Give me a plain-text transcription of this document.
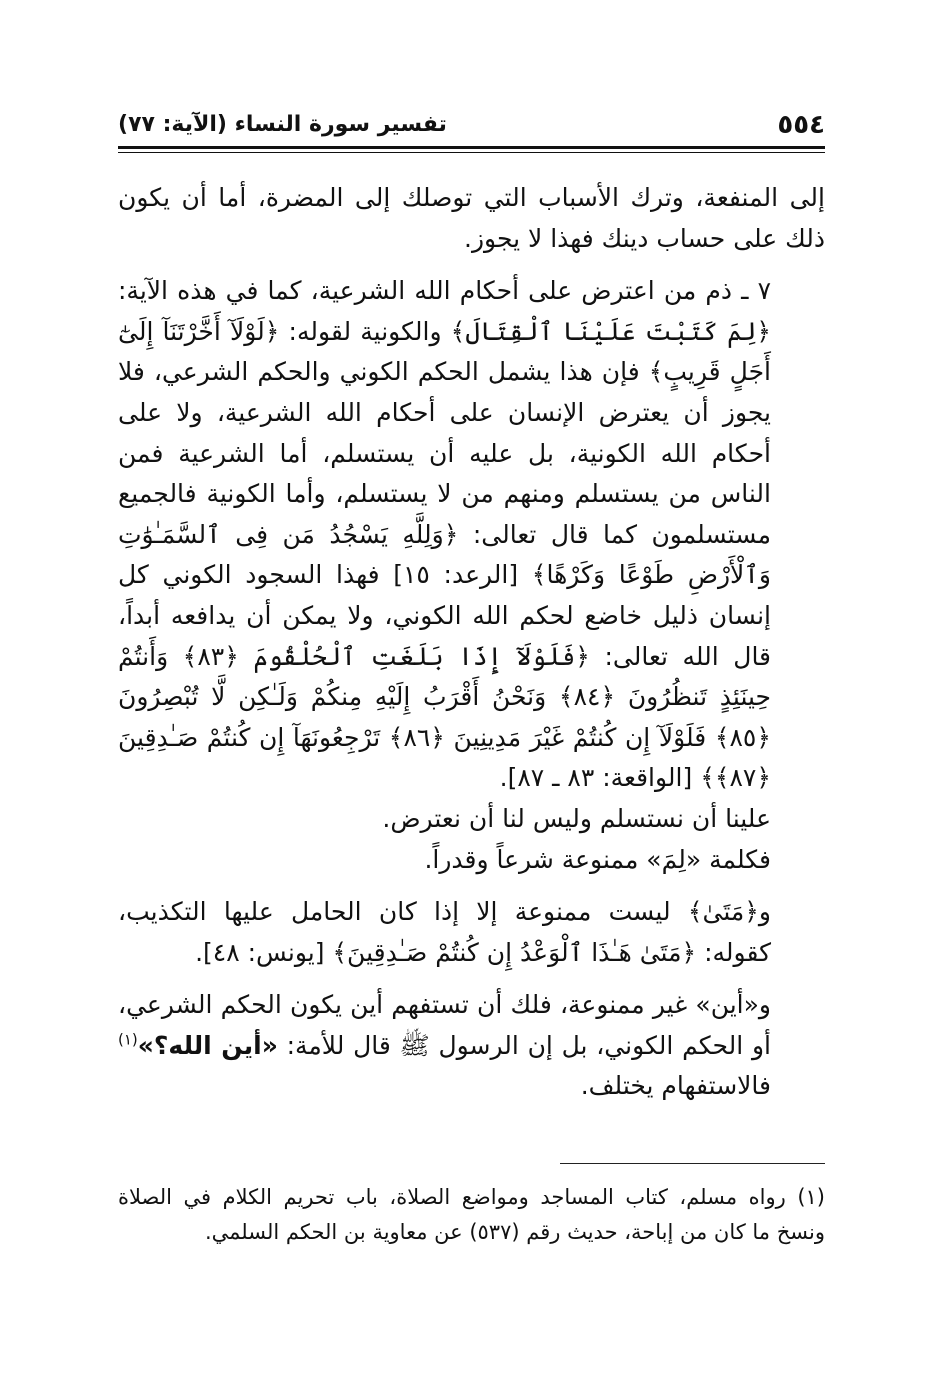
٥٥٤
تفسير سورة النساء (الآية: ٧٧)

إلى المنفعة، وترك الأسباب التي توصلك إلى المضرة، أما أن يكون ذلك على حساب دينك فهذا لا يجوز.

٧ ـ ذم من اعترض على أحكام الله الشرعية، كما في هذه الآية: ﴿لِمَ كَتَبْتَ عَلَيْنَا ٱلْقِتَالَ﴾ والكونية لقوله: ﴿لَوْلَآ أَخَّرْتَنَآ إِلَىٰٓ أَجَلٍ قَرِيبٍ﴾ فإن هذا يشمل الحكم الكوني والحكم الشرعي، فلا يجوز أن يعترض الإنسان على أحكام الله الشرعية، ولا على أحكام الله الكونية، بل عليه أن يستسلم، أما الشرعية فمن الناس من يستسلم ومنهم من لا يستسلم، وأما الكونية فالجميع مستسلمون كما قال تعالى: ﴿وَلِلَّهِ يَسْجُدُ مَن فِى ٱلسَّمَـٰوَٰتِ وَٱلْأَرْضِ طَوْعًا وَكَرْهًا﴾ [الرعد: ١٥] فهذا السجود الكوني كل إنسان ذليل خاضع لحكم الله الكوني، ولا يمكن أن يدافعه أبداً، قال الله تعالى: ﴿فَلَوْلَآ إِذَا بَلَغَتِ ٱلْحُلْقُومَ ﴿٨٣﴾ وَأَنتُمْ حِينَئِذٍ تَنظُرُونَ ﴿٨٤﴾ وَنَحْنُ أَقْرَبُ إِلَيْهِ مِنكُمْ وَلَـٰكِن لَّا تُبْصِرُونَ ﴿٨٥﴾ فَلَوْلَآ إِن كُنتُمْ غَيْرَ مَدِينِينَ ﴿٨٦﴾ تَرْجِعُونَهَآ إِن كُنتُمْ صَـٰدِقِينَ ﴿٨٧﴾﴾ [الواقعة: ٨٣ ـ ٨٧].

علينا أن نستسلم وليس لنا أن نعترض.

فكلمة «لِمَ» ممنوعة شرعاً وقدراً.

و﴿مَتَىٰ﴾ ليست ممنوعة إلا إذا كان الحامل عليها التكذيب، كقوله: ﴿مَتَىٰ هَـٰذَا ٱلْوَعْدُ إِن كُنتُمْ صَـٰدِقِينَ﴾ [يونس: ٤٨].

و«أين» غير ممنوعة، فلك أن تستفهم أين يكون الحكم الشرعي، أو الحكم الكوني، بل إن الرسول ﷺ قال للأمة: «أين الله؟»$^{(١)}$ فالاستفهام يختلف.

(١) رواه مسلم، كتاب المساجد ومواضع الصلاة، باب تحريم الكلام في الصلاة ونسخ ما كان من إباحة، حديث رقم (٥٣٧) عن معاوية بن الحكم السلمي.
